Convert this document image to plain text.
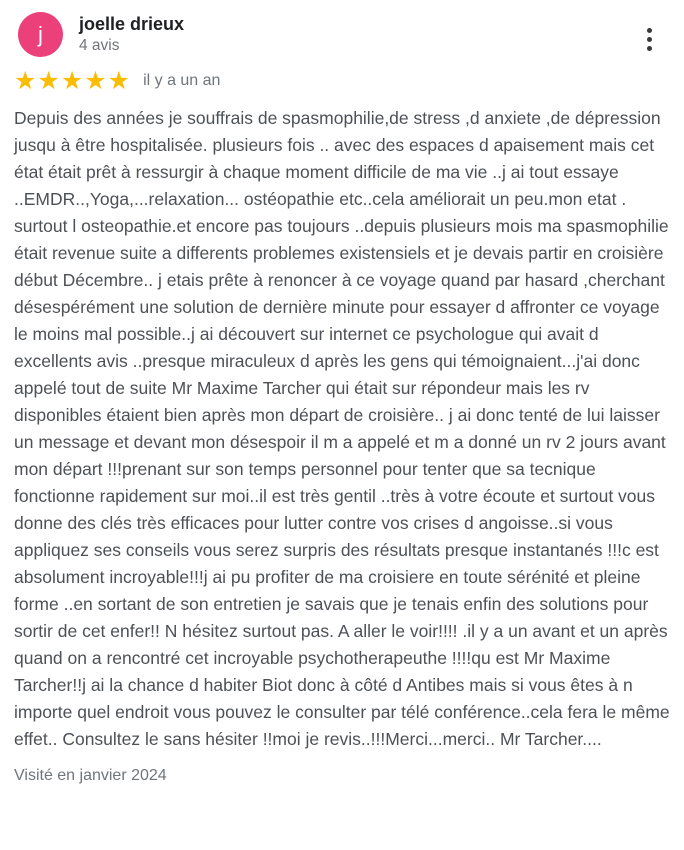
j joelle drieux
4 avis
★★★★★ il y a un an

Depuis des années je souffrais de spasmophilie,de stress ,d anxiete ,de dépression jusqu à être hospitalisée. plusieurs fois .. avec des espaces d apaisement mais cet état était prêt à ressurgir à chaque moment difficile de ma vie ..j ai tout essaye ..EMDR..,Yoga,...relaxation... ostéopathie etc..cela améliorait un peu.mon etat . surtout l osteopathie.et encore pas toujours ..depuis plusieurs mois ma spasmophilie était revenue suite a differents problemes existensiels et je devais partir en croisière début Décembre.. j etais prête à renoncer à ce voyage quand par hasard ,cherchant désespérément une solution de dernière minute pour essayer d affronter ce voyage le moins mal possible..j ai découvert sur internet ce psychologue qui avait d excellents avis ..presque miraculeux d après les gens qui témoignaient...j'ai donc appelé tout de suite Mr Maxime Tarcher qui était sur répondeur mais les rv disponibles étaient bien après mon départ de croisière.. j ai donc tenté de lui laisser un message et devant mon désespoir il m a appelé et m a donné un rv 2 jours avant mon départ !!!prenant sur son temps personnel pour tenter que sa tecnique fonctionne rapidement sur moi..il est très gentil ..très à votre écoute et surtout vous donne des clés très efficaces pour lutter contre vos crises d angoisse..si vous appliquez ses conseils vous serez surpris des résultats presque instantanés !!!c est absolument incroyable!!!j ai pu profiter de ma croisiere en toute sérénité et pleine forme ..en sortant de son entretien je savais que je tenais enfin des solutions pour sortir de cet enfer!! N hésitez surtout pas. A aller le voir!!!! .il y a un avant et un après quand on a rencontré cet incroyable psychotherapeuthe !!!!qu est Mr Maxime Tarcher!!j ai la chance d habiter Biot donc à côté d Antibes mais si vous êtes à n importe quel endroit vous pouvez le consulter par télé conférence..cela fera le même effet.. Consultez le sans hésiter !!moi je revis..!!!Merci...merci.. Mr Tarcher....

Visité en janvier 2024
